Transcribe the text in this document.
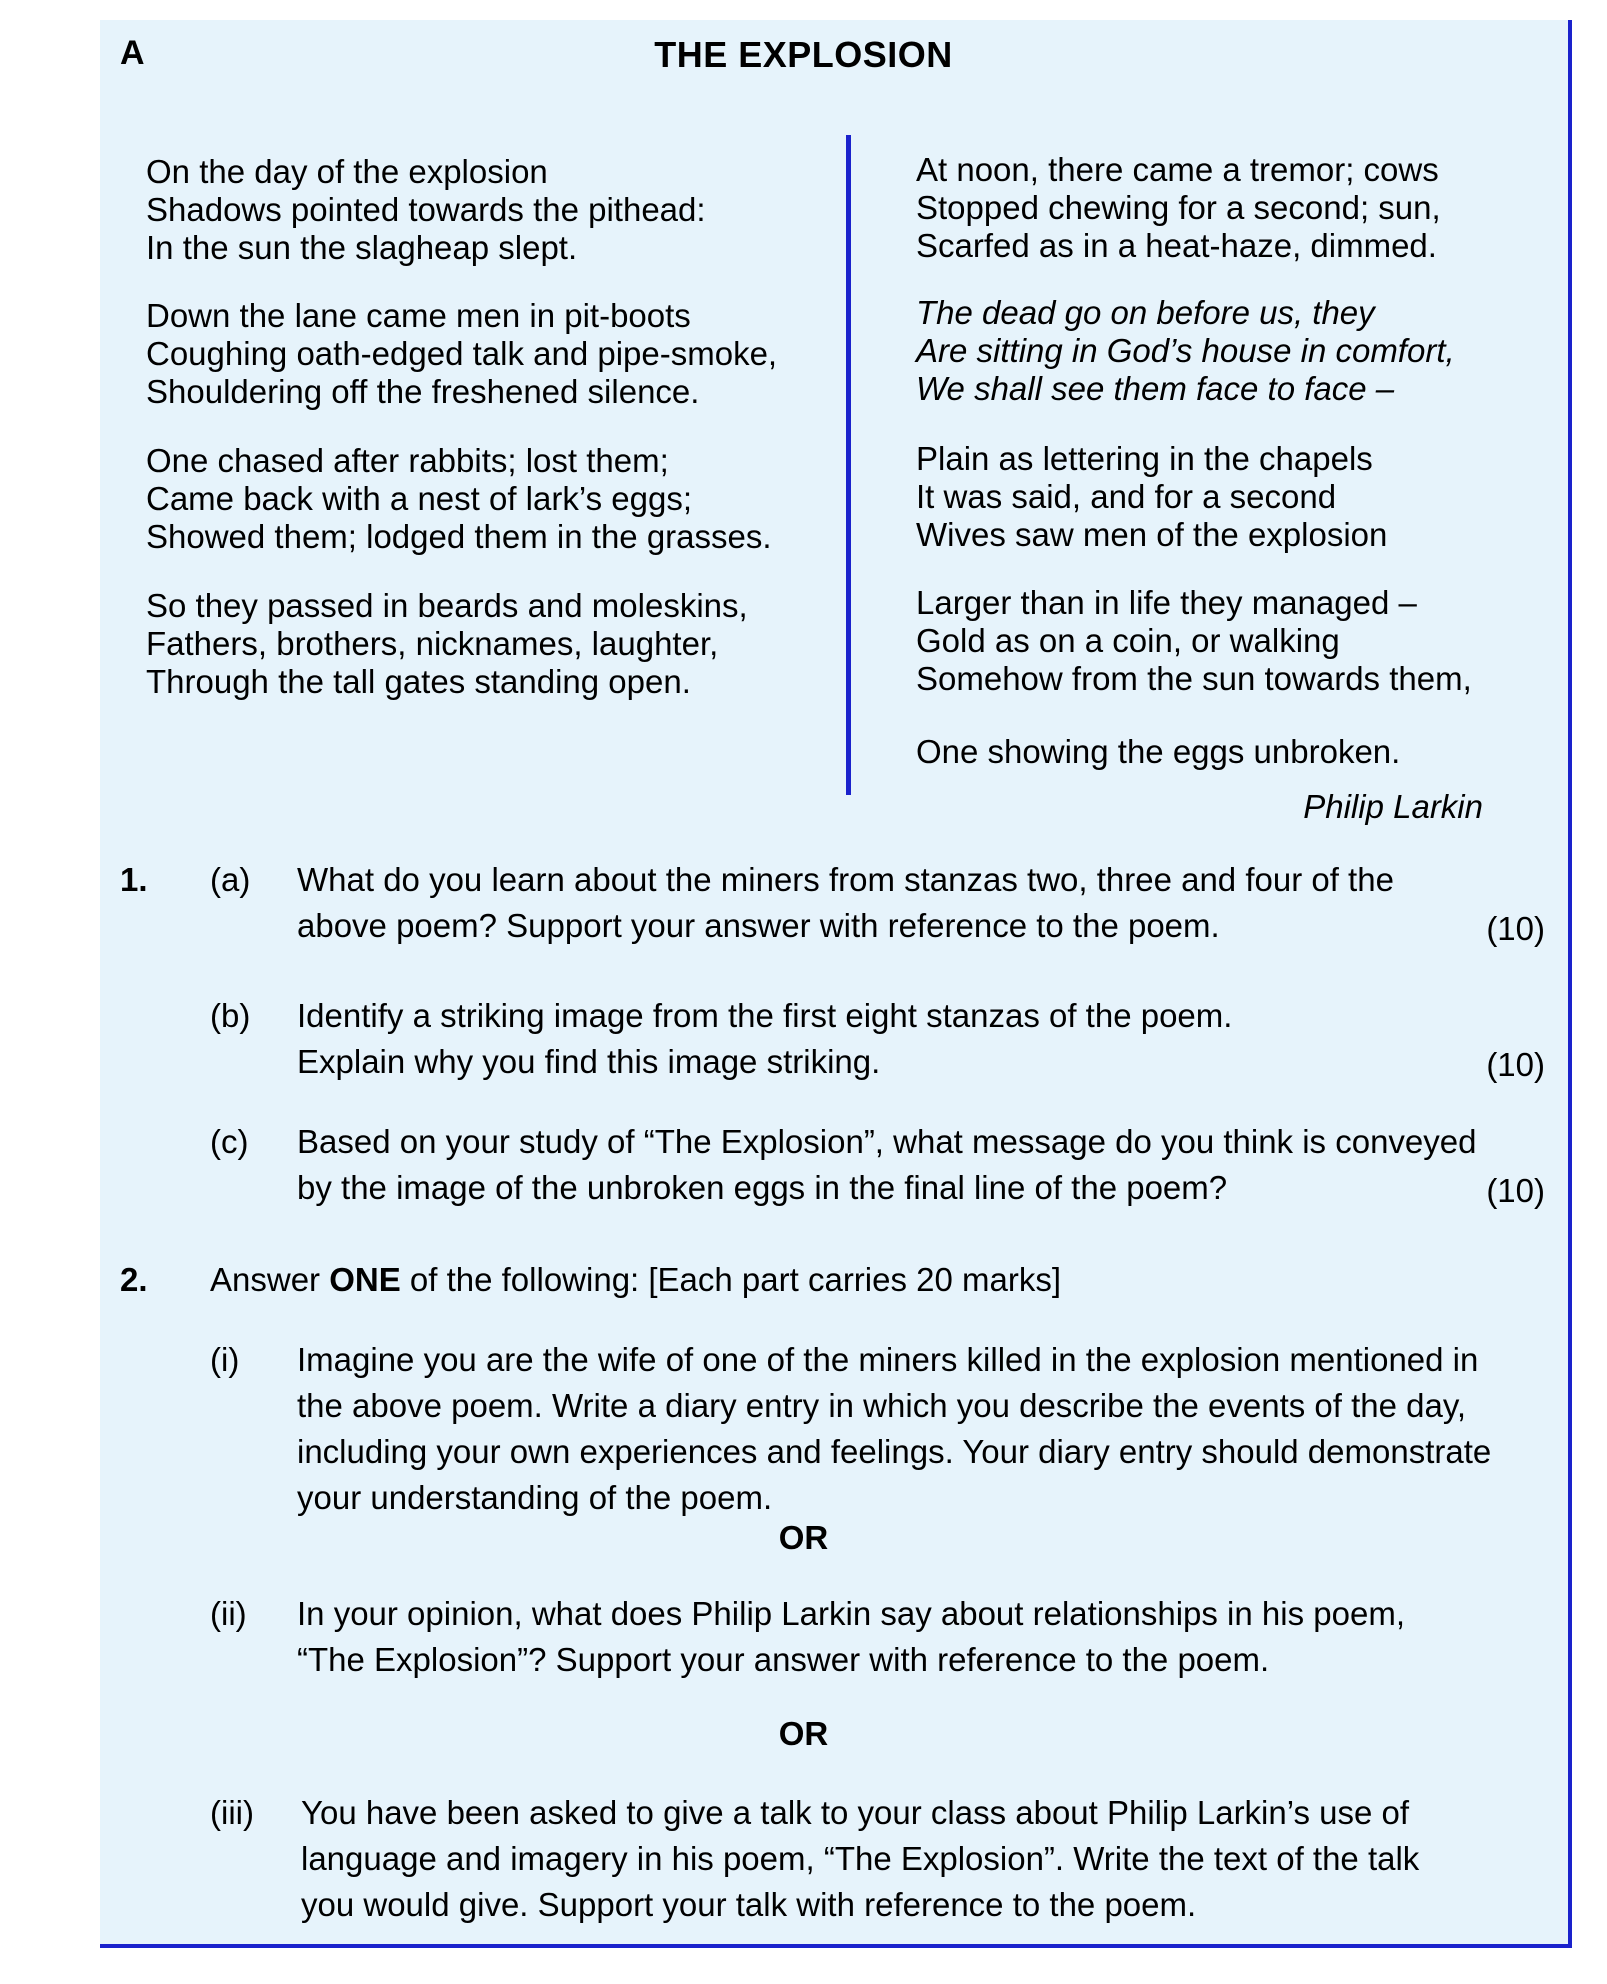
A	THE EXPLOSION
On the day of the explosion
Shadows pointed towards the pithead:
In the sun the slagheap slept.
Down the lane came men in pit-boots
Coughing oath-edged talk and pipe-smoke,
Shouldering off the freshened silence.
One chased after rabbits; lost them;
Came back with a nest of lark’s eggs;
Showed them; lodged them in the grasses.
So they passed in beards and moleskins,
Fathers, brothers, nicknames, laughter,
Through the tall gates standing open.
At noon, there came a tremor; cows
Stopped chewing for a second; sun,
Scarfed as in a heat-haze, dimmed.
The dead go on before us, they
Are sitting in God’s house in comfort,
We shall see them face to face –
Plain as lettering in the chapels
It was said, and for a second
Wives saw men of the explosion
Larger than in life they managed –
Gold as on a coin, or walking
Somehow from the sun towards them,
One showing the eggs unbroken.
Philip Larkin
1. (a) What do you learn about the miners from stanzas two, three and four of the
above poem? Support your answer with reference to the poem.	(10)
(b) Identify a striking image from the first eight stanzas of the poem.
Explain why you find this image striking.	(10)
(c) Based on your study of “The Explosion”, what message do you think is conveyed
by the image of the unbroken eggs in the final line of the poem?	(10)
2. Answer ONE of the following: [Each part carries 20 marks]
(i) Imagine you are the wife of one of the miners killed in the explosion mentioned in
the above poem. Write a diary entry in which you describe the events of the day,
including your own experiences and feelings. Your diary entry should demonstrate
your understanding of the poem.
OR
(ii) In your opinion, what does Philip Larkin say about relationships in his poem,
“The Explosion”? Support your answer with reference to the poem.
OR
(iii) You have been asked to give a talk to your class about Philip Larkin’s use of
language and imagery in his poem, “The Explosion”. Write the text of the talk
you would give. Support your talk with reference to the poem.
